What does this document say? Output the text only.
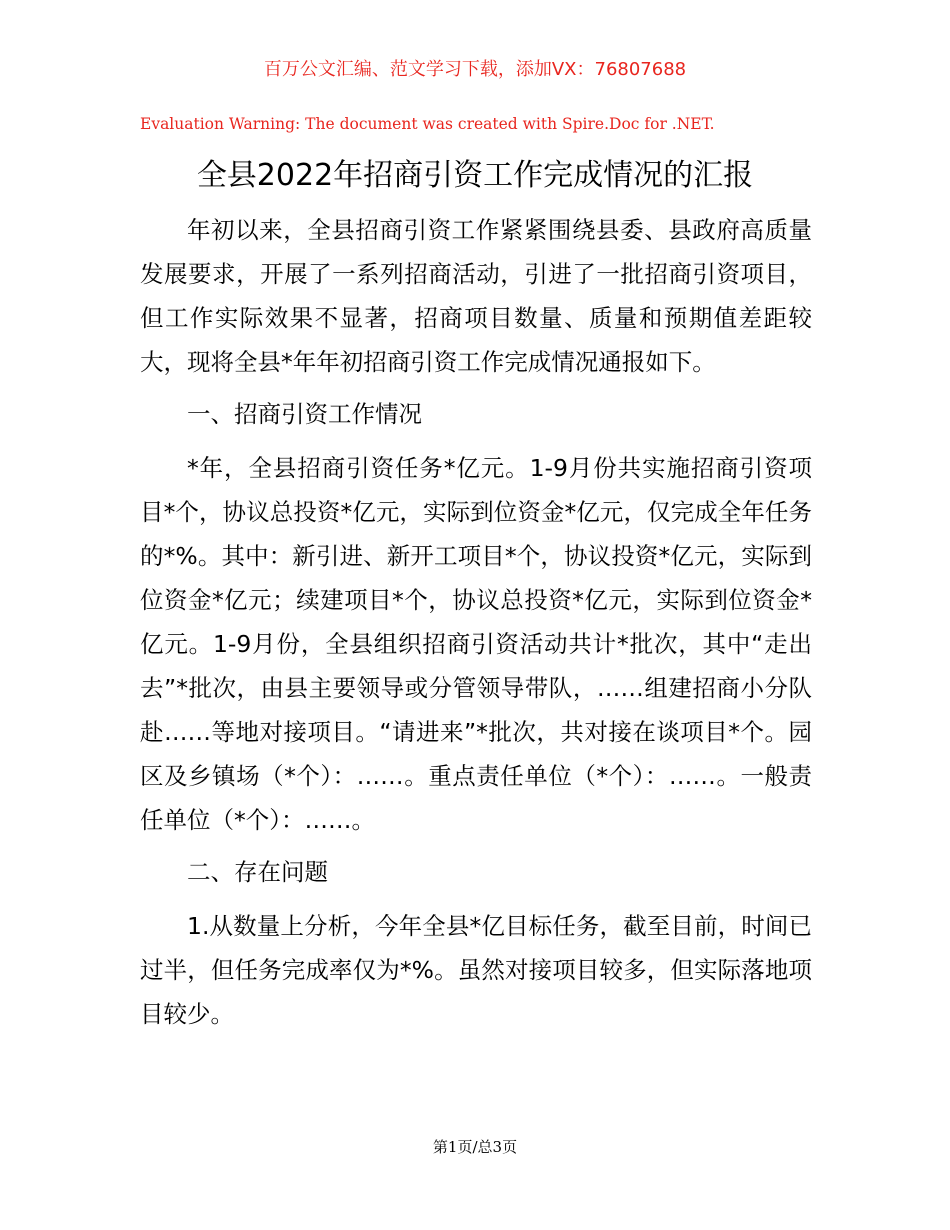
百万公文汇编、范文学习下载，添加VX：76807688
Evaluation Warning: The document was created with Spire.Doc for .NET.
全县2022年招商引资工作完成情况的汇报

年初以来，全县招商引资工作紧紧围绕县委、县政府高质量发展要求，开展了一系列招商活动，引进了一批招商引资项目，但工作实际效果不显著，招商项目数量、质量和预期值差距较大，现将全县*年年初招商引资工作完成情况通报如下。

一、招商引资工作情况

*年，全县招商引资任务*亿元。1-9月份共实施招商引资项目*个，协议总投资*亿元，实际到位资金*亿元，仅完成全年任务的*%。其中：新引进、新开工项目*个，协议投资*亿元，实际到位资金*亿元；续建项目*个，协议总投资*亿元，实际到位资金*亿元。1-9月份，全县组织招商引资活动共计*批次，其中“走出去”*批次，由县主要领导或分管领导带队，……组建招商小分队赴……等地对接项目。“请进来”*批次，共对接在谈项目*个。园区及乡镇场（*个）：……。重点责任单位（*个）：……。一般责任单位（*个）：……。

二、存在问题

1.从数量上分析，今年全县*亿目标任务，截至目前，时间已过半，但任务完成率仅为*%。虽然对接项目较多，但实际落地项目较少。

第1页/总3页
